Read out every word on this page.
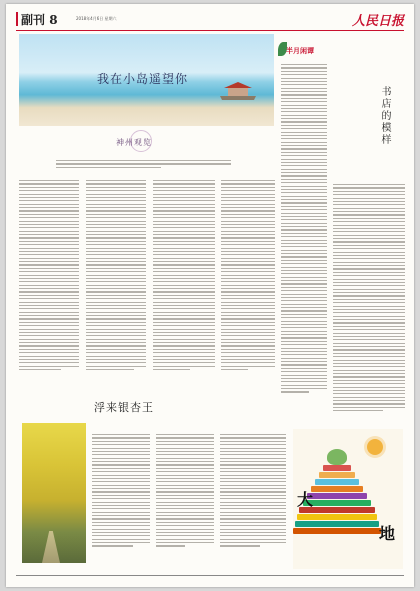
副刊 8	2018年4月6日 星期六	人民日报
我在小岛遥望你
神州观览
半月闲谭
书店的模样
浮来银杏王
大
地
